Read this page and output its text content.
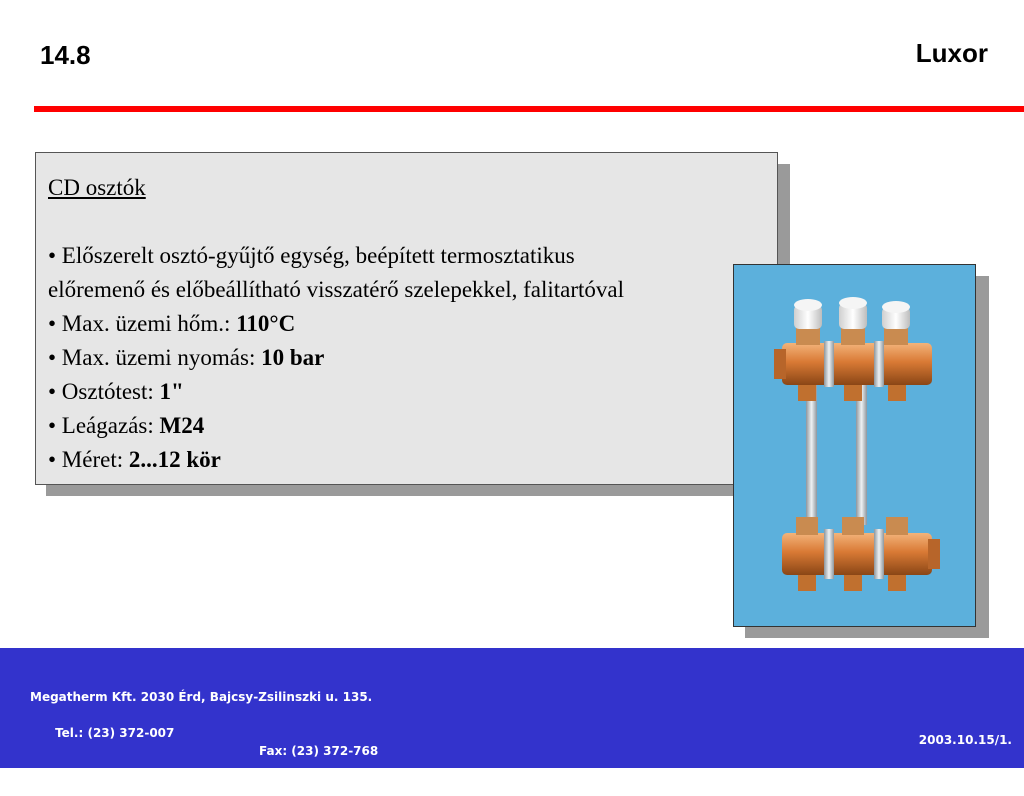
14.8	Luxor
CD osztók
• Előszerelt osztó-gyűjtő egység, beépített termosztatikus
előremenő és előbeállítható visszatérő szelepekkel, falitartóval
• Max. üzemi hőm.: 110°C
• Max. üzemi nyomás: 10 bar
• Osztótest: 1"
• Leágazás: M24
• Méret: 2...12 kör
Megatherm Kft. 2030 Érd, Bajcsy-Zsilinszki u. 135.

Tel.: (23) 372-007

Fax: (23) 372-768

Web: www.megatherm.hu
2003.10.15/1.
